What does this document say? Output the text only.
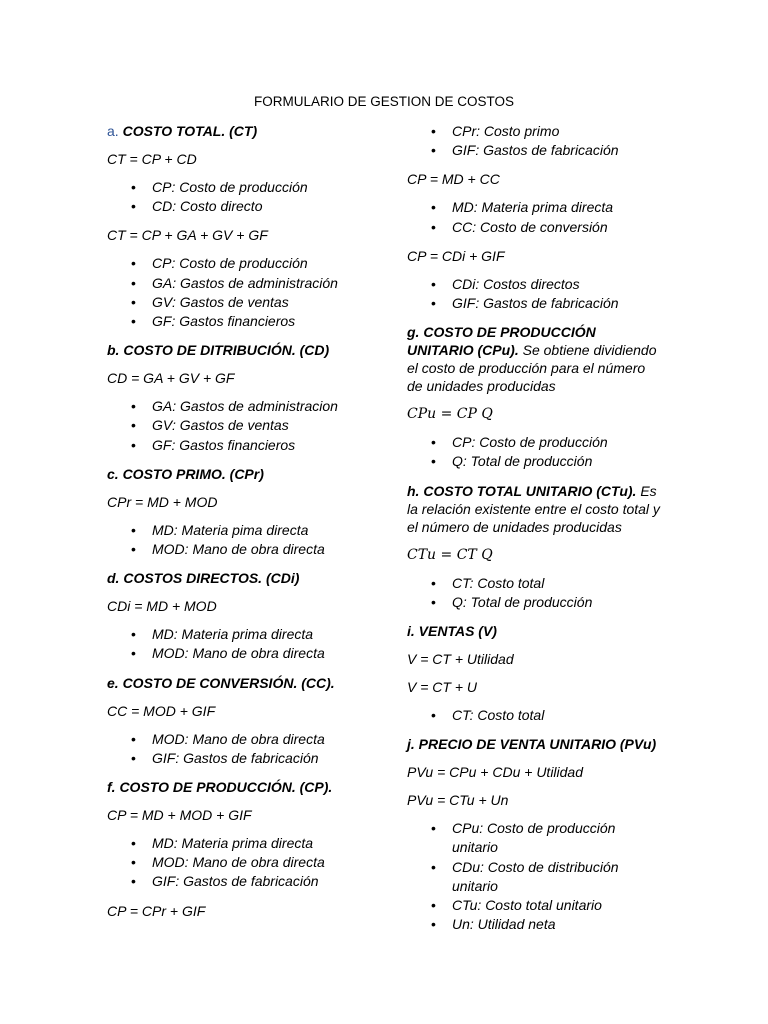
FORMULARIO DE GESTION DE COSTOS

a. COSTO TOTAL. (CT)

CT = CP + CD

• CP: Costo de producción
• CD: Costo directo

CT = CP + GA + GV + GF

• CP: Costo de producción
• GA: Gastos de administración
• GV: Gastos de ventas
• GF: Gastos financieros

b. COSTO DE DITRIBUCIÓN. (CD)

CD = GA + GV + GF

• GA: Gastos de administracion
• GV: Gastos de ventas
• GF: Gastos financieros

c. COSTO PRIMO. (CPr)

CPr = MD + MOD

• MD: Materia pima directa
• MOD: Mano de obra directa

d. COSTOS DIRECTOS. (CDi)

CDi = MD + MOD

• MD: Materia prima directa
• MOD: Mano de obra directa

e. COSTO DE CONVERSIÓN. (CC).

CC = MOD + GIF

• MOD: Mano de obra directa
• GIF: Gastos de fabricación

f. COSTO DE PRODUCCIÓN. (CP).

CP = MD + MOD + GIF

• MD: Materia prima directa
• MOD: Mano de obra directa
• GIF: Gastos de fabricación

CP = CPr + GIF

• CPr: Costo primo
• GIF: Gastos de fabricación

CP = MD + CC

• MD: Materia prima directa
• CC: Costo de conversión

CP = CDi + GIF

• CDi: Costos directos
• GIF: Gastos de fabricación

g. COSTO DE PRODUCCIÓN
UNITARIO (CPu). Se obtiene dividiendo
el costo de producción para el número
de unidades producidas

CPu = CP Q

• CP: Costo de producción
• Q: Total de producción

h. COSTO TOTAL UNITARIO (CTu). Es
la relación existente entre el costo total y
el número de unidades producidas

CTu = CT Q

• CT: Costo total
• Q: Total de producción

i. VENTAS (V)

V = CT + Utilidad

V = CT + U

• CT: Costo total

j. PRECIO DE VENTA UNITARIO (PVu)

PVu = CPu + CDu + Utilidad

PVu = CTu + Un

• CPu: Costo de producción
unitario
• CDu: Costo de distribución
unitario
• CTu: Costo total unitario
• Un: Utilidad neta
